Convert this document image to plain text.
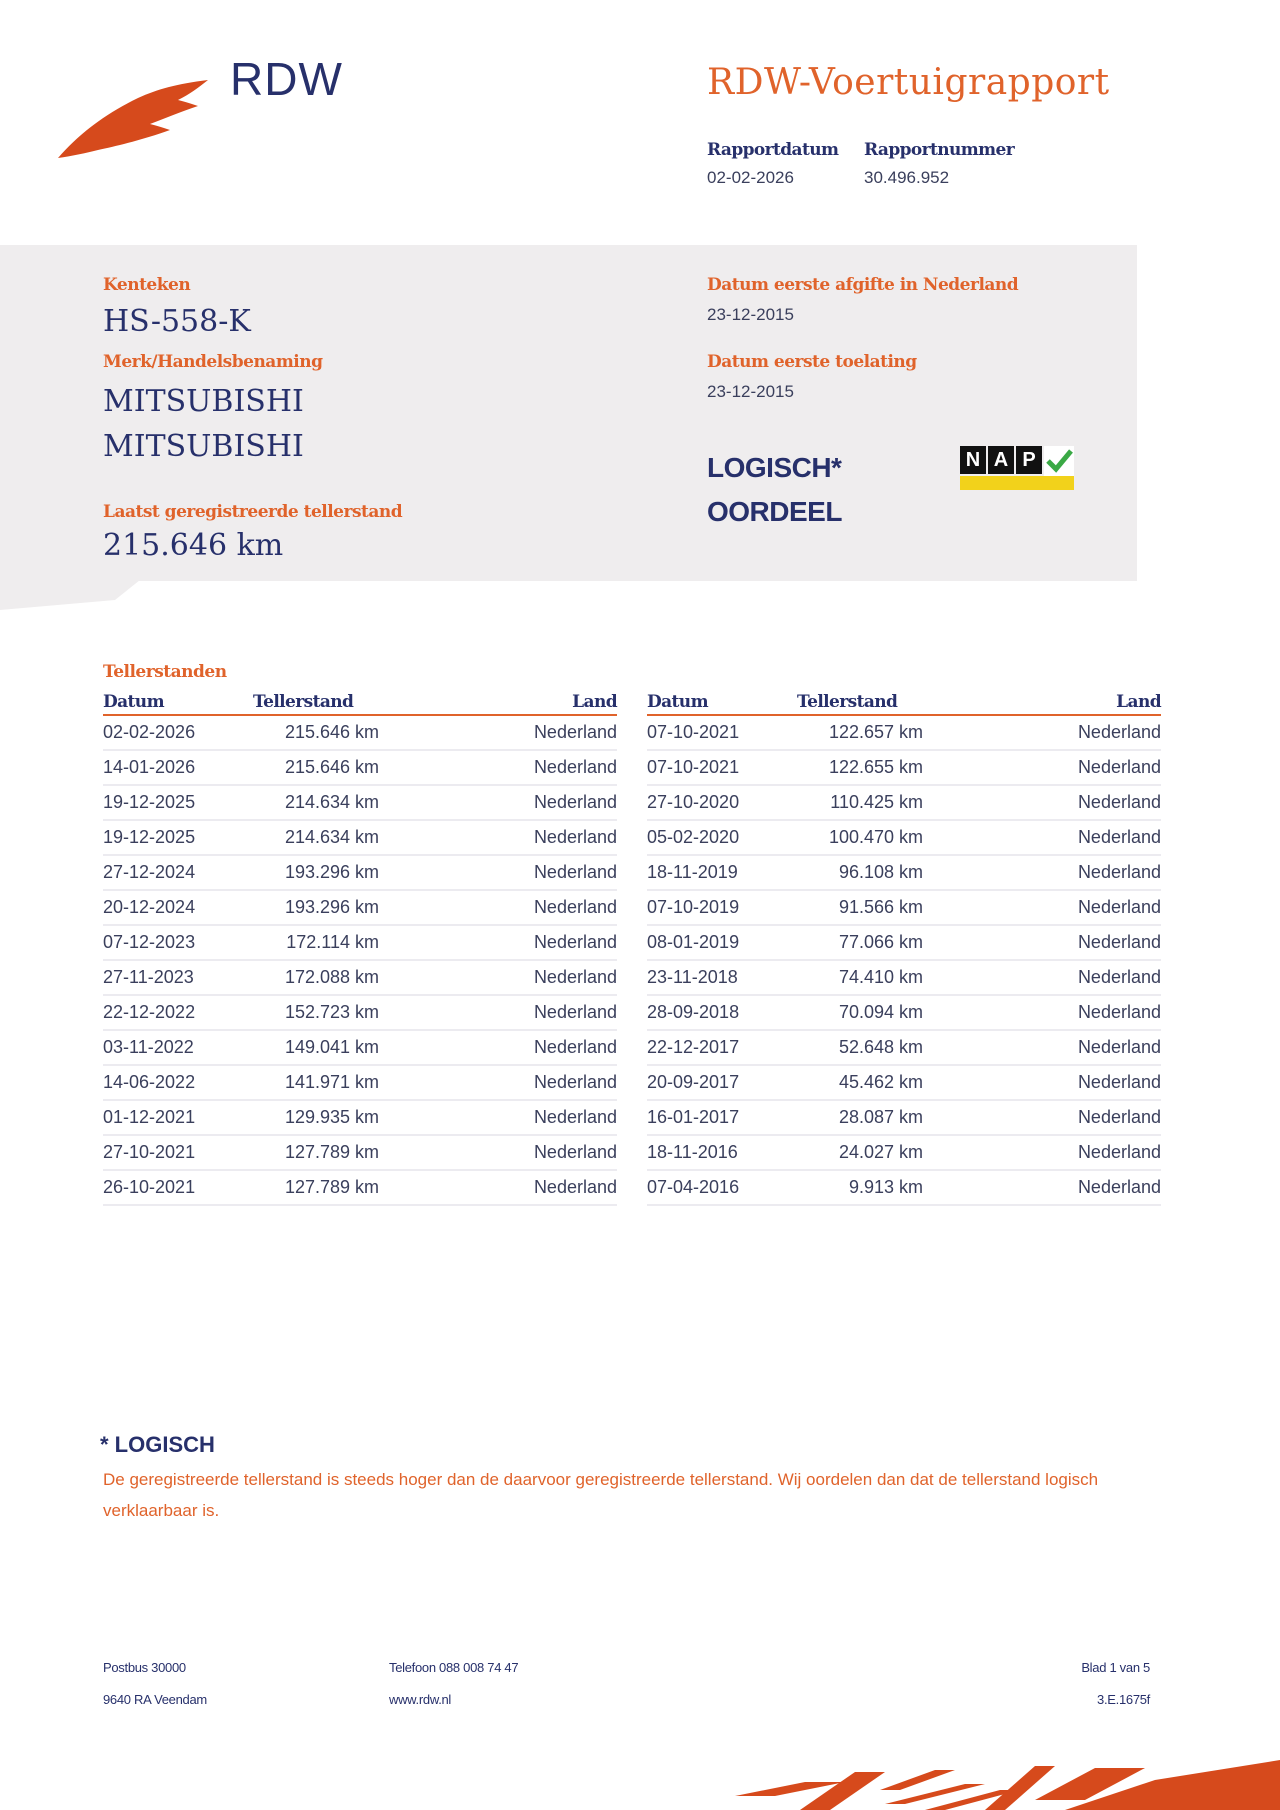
RDW	RDW-Voertuigrapport
Rapportdatum
02-02-2026
Rapportnummer
30.496.952
Kenteken
HS-558-K
Merk/Handelsbenaming
MITSUBISHI
MITSUBISHI
Laatst geregistreerde tellerstand
215.646 km
Datum eerste afgifte in Nederland
23-12-2015
Datum eerste toelating
23-12-2015
LOGISCH*
OORDEEL
N A P
Tellerstanden
Datum	Tellerstand	Land
02-02-2026	215.646 km	Nederland
14-01-2026	215.646 km	Nederland
19-12-2025	214.634 km	Nederland
19-12-2025	214.634 km	Nederland
27-12-2024	193.296 km	Nederland
20-12-2024	193.296 km	Nederland
07-12-2023	172.114 km	Nederland
27-11-2023	172.088 km	Nederland
22-12-2022	152.723 km	Nederland
03-11-2022	149.041 km	Nederland
14-06-2022	141.971 km	Nederland
01-12-2021	129.935 km	Nederland
27-10-2021	127.789 km	Nederland
26-10-2021	127.789 km	Nederland
Datum	Tellerstand	Land
07-10-2021	122.657 km	Nederland
07-10-2021	122.655 km	Nederland
27-10-2020	110.425 km	Nederland
05-02-2020	100.470 km	Nederland
18-11-2019	96.108 km	Nederland
07-10-2019	91.566 km	Nederland
08-01-2019	77.066 km	Nederland
23-11-2018	74.410 km	Nederland
28-09-2018	70.094 km	Nederland
22-12-2017	52.648 km	Nederland
20-09-2017	45.462 km	Nederland
16-01-2017	28.087 km	Nederland
18-11-2016	24.027 km	Nederland
07-04-2016	9.913 km	Nederland
* LOGISCH
De geregistreerde tellerstand is steeds hoger dan de daarvoor geregistreerde tellerstand. Wij oordelen dan dat de tellerstand logisch verklaarbaar is.
Postbus 30000
9640 RA Veendam
Telefoon 088 008 74 47
www.rdw.nl
Blad 1 van 5
3.E.1675f
